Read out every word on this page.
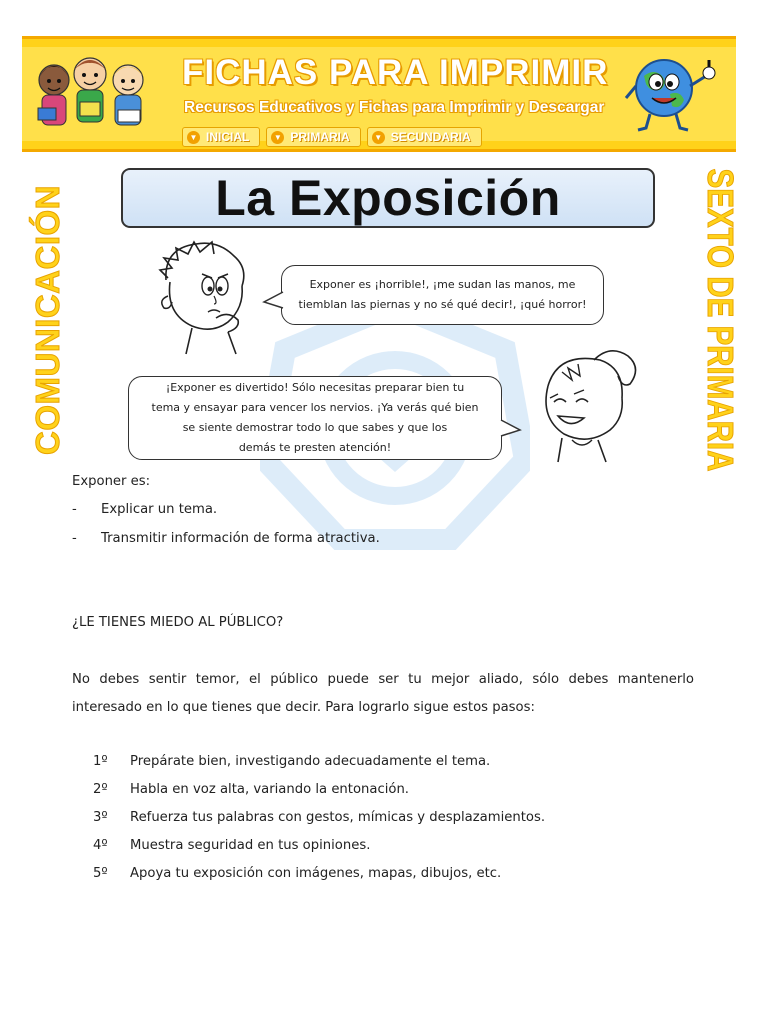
FICHAS PARA IMPRIMIR
Recursos Educativos y Fichas para Imprimir y Descargar
▼ INICIAL	▼ PRIMARIA	▼ SECUNDARIA
COMUNICACIÓN	SEXTO DE PRIMARIA
La Exposición
Exponer es ¡horrible!, ¡me sudan las manos, me
tiemblan las piernas y no sé qué decir!, ¡qué horror!
¡Exponer es divertido! Sólo necesitas preparar bien tu
tema y ensayar para vencer los nervios. ¡Ya verás qué bien
se siente demostrar todo lo que sabes y que los
demás te presten atención!
Exponer es:
-	Explicar un tema.
-	Transmitir información de forma atractiva.
¿LE TIENES MIEDO AL PÚBLICO?
No debes sentir temor, el público puede ser tu mejor aliado, sólo debes mantenerlo interesado en lo que tienes que decir. Para lograrlo sigue estos pasos:
1º	Prepárate bien, investigando adecuadamente el tema.
2º	Habla en voz alta, variando la entonación.
3º	Refuerza tus palabras con gestos, mímicas y desplazamientos.
4º	Muestra seguridad en tus opiniones.
5º	Apoya tu exposición con imágenes, mapas, dibujos, etc.
